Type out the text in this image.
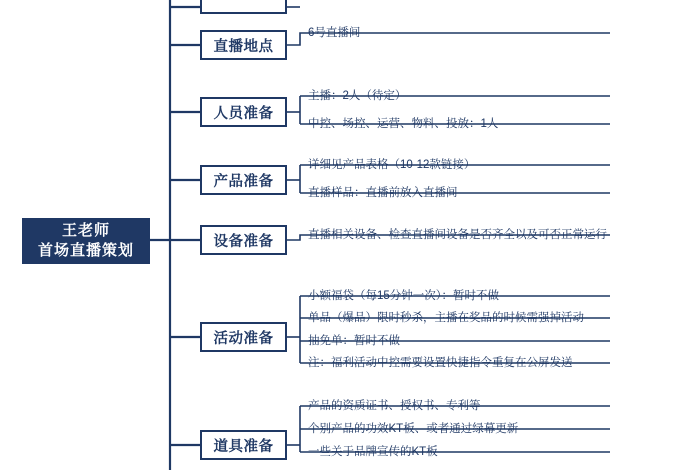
王老师
首场直播策划
直播地点
6号直播间
人员准备
主播：2人（待定）
中控、场控、运营、物料、投放：1人
产品准备
详细见产品表格（10-12款链接）
直播样品：直播前放入直播间
设备准备	直播相关设备、检查直播间设备是否齐全以及可否正常运行
活动准备
小额福袋（每15分钟一次）：暂时不做
单品（爆品）限时秒杀，主播在奖品的时候需强掉活动
抽免单：暂时不做
注：福利活动中控需要设置快捷指令重复在公屏发送
道具准备
产品的资质证书、授权书、专利等
个别产品的功效KT板、或者通过绿幕更新
一些关于品牌宣传的KT板
